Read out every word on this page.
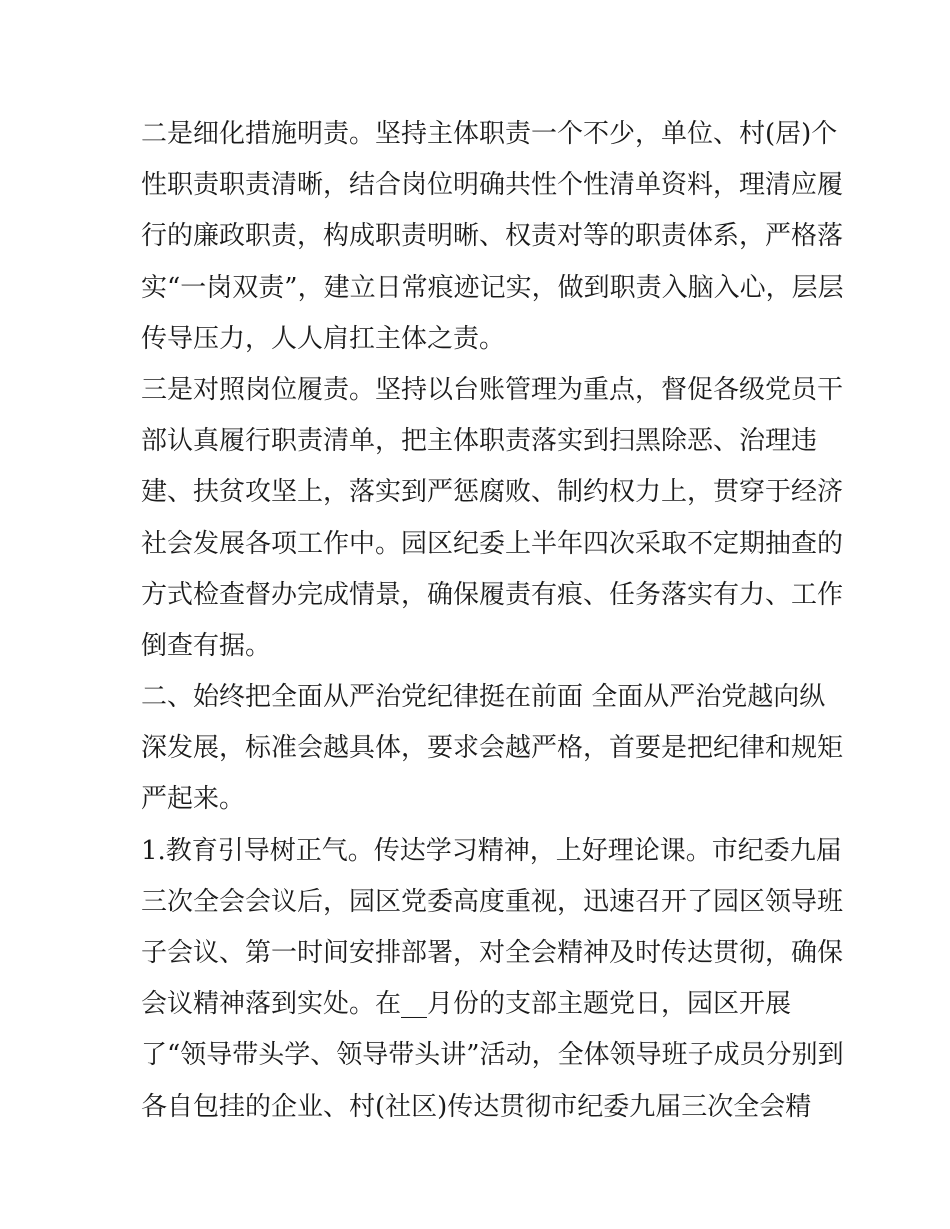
二是细化措施明责。坚持主体职责一个不少，单位、村(居)个
性职责职责清晰，结合岗位明确共性个性清单资料，理清应履
行的廉政职责，构成职责明晰、权责对等的职责体系，严格落
实“一岗双责”，建立日常痕迹记实，做到职责入脑入心，层层
传导压力，人人肩扛主体之责。
三是对照岗位履责。坚持以台账管理为重点，督促各级党员干
部认真履行职责清单，把主体职责落实到扫黑除恶、治理违
建、扶贫攻坚上，落实到严惩腐败、制约权力上，贯穿于经济
社会发展各项工作中。园区纪委上半年四次采取不定期抽查的
方式检查督办完成情景，确保履责有痕、任务落实有力、工作
倒查有据。
二、始终把全面从严治党纪律挺在前面 全面从严治党越向纵
深发展，标准会越具体，要求会越严格，首要是把纪律和规矩
严起来。
1.教育引导树正气。传达学习精神，上好理论课。市纪委九届
三次全会会议后，园区党委高度重视，迅速召开了园区领导班
子会议、第一时间安排部署，对全会精神及时传达贯彻，确保
会议精神落到实处。在__月份的支部主题党日，园区开展
了“领导带头学、领导带头讲”活动，全体领导班子成员分别到
各自包挂的企业、村(社区)传达贯彻市纪委九届三次全会精
